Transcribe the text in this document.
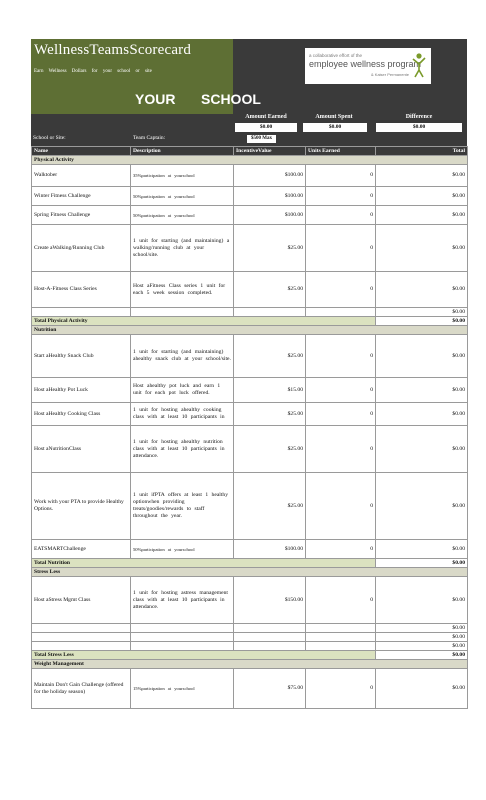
WellnessTeamsScorecard
Earn Wellness Dollars for your school or site
a collaborative effort of the
employee wellness program
& Kaiser Permanente
YOUR SCHOOL
Amount Earned
$0.00
Amount Spent
$0.00
Difference
$0.00
School or Site:	Team Captain:	$500 Max
Name	Description	IncentiveValue	Units Earned	Total
Physical Activity				
Walktober	35%participation at yourschool	$100.00	0	$0.00
Winter Fitness Challenge	50%participation at yourschool	$100.00	0	$0.00
Spring Fitness Challenge	50%participation at yourschool	$100.00	0	$0.00
Create aWalking/Running Club	1 unit for starting (and maintaining) a walking/running club at your school/site.	$25.00	0	$0.00
Host-A-Fitness Class Series	Host aFitness Class series 1 unit for each 5 week session completed.	$25.00	0	$0.00
				$0.00
Total Physical Activity				$0.00
Nutrition				
Start aHealthy Snack Club	1 unit for starting (and maintaining) ahealthy snack club at your school/site.	$25.00	0	$0.00
Host aHealthy Pot Luck	Host ahealthy pot luck and earn 1 unit for each pot luck offered.	$15.00	0	$0.00
Host aHealthy Cooking Class	1 unit for hosting ahealthy cooking class with at least 10 participants in	$25.00	0	$0.00
Host aNutritionClass	1 unit for hosting ahealthy nutrition class with at least 10 participants in attendance.	$25.00	0	$0.00
Work with your PTA to provide Healthy Options.	1 unit ifPTA offers at least 1 healthy optionwhen providing treats/goodies/rewards to staff throughout the year.	$25.00	0	$0.00
EATSMARTChallenge	50%participation at yourschool	$100.00	0	$0.00
Total Nutrition				$0.00
Stress Less				
Host aStress Mgmt Class	1 unit for hosting astress management class with at least 10 participants in attendance.	$150.00	0	$0.00
				$0.00
				$0.00
				$0.00
Total Stress Less				$0.00
Weight Management				
Maintain Don't Gain Challenge (offered for the holiday season)	15%participation at yourschool	$75.00	0	$0.00
